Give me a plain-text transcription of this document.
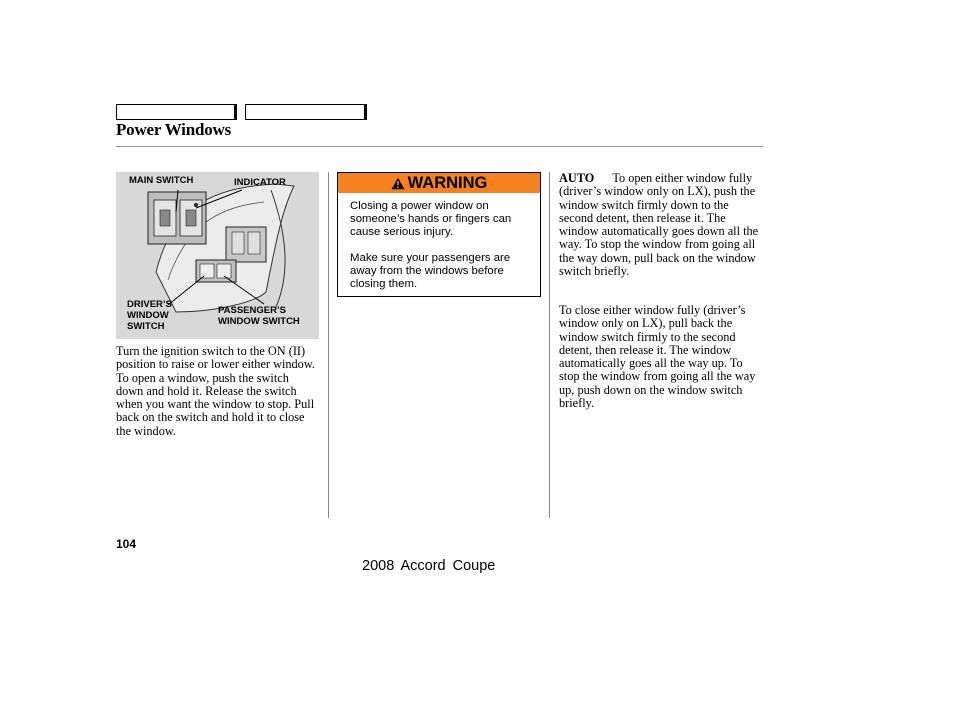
Power Windows
MAIN SWITCH	INDICATOR
DRIVER’S
WINDOW
SWITCH
PASSENGER’S
WINDOW SWITCH
Turn the ignition switch to the ON (II) position to raise or lower either window. To open a window, push the switch down and hold it. Release the switch when you want the window to stop. Pull back on the switch and hold it to close the window.
WARNING
Closing a power window on someone’s hands or fingers can cause serious injury.
Make sure your passengers are away from the windows before closing them.
AUTO To open either window fully (driver’s window only on LX), push the window switch firmly down to the second detent, then release it. The window automatically goes down all the way. To stop the window from going all the way down, pull back on the window switch briefly.
To close either window fully (driver’s window only on LX), pull back the window switch firmly to the second detent, then release it. The window automatically goes all the way up. To stop the window from going all the way up, push down on the window switch briefly.
104
2008 Accord Coupe
